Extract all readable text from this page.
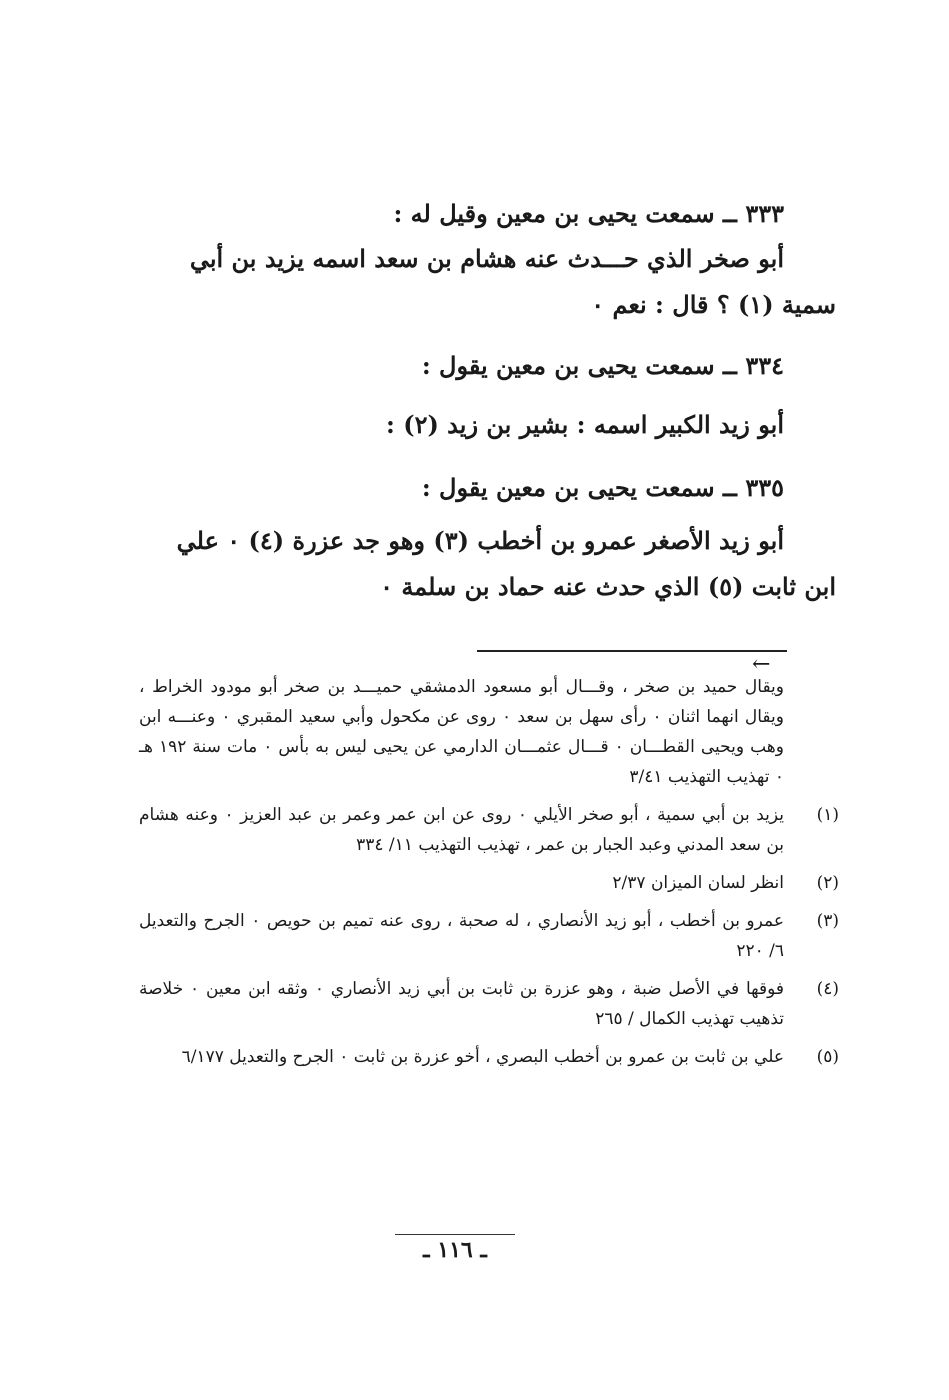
٣٣٣ ــ سمعت يحيى بن معين وقيل له :

أبو صخر الذي حـــدث عنه هشام بن سعد اسمه يزيد بن أبي
سمية (١) ؟ قال : نعم ٠

٣٣٤ ــ سمعت يحيى بن معين يقول :

أبو زيد الكبير اسمه : بشير بن زيد (٢) :

٣٣٥ ــ سمعت يحيى بن معين يقول :

أبو زيد الأصغر عمرو بن أخطب (٣) وهو جد عزرة (٤) ٠ علي
ابن ثابت (٥) الذي حدث عنه حماد بن سلمة ٠

←

ويقال حميد بن صخر ، وقـــال أبو مسعود الدمشقي حميـــد بن صخر أبو مودود الخراط ، ويقال انهما اثنان ٠ رأى سهل بن سعد ٠ روى عن مكحول وأبي سعيد المقبري ٠ وعنـــه ابن وهب ويحيى القطـــان ٠ قـــال عثمـــان الدارمي عن يحيى ليس به بأس ٠ مات سنة ١٩٢ هـ ٠ تهذيب التهذيب ٣/٤١

(١)
يزيد بن أبي سمية ، أبو صخر الأيلي ٠ روى عن ابن عمر وعمر بن عبد العزيز ٠ وعنه هشام بن سعد المدني وعبد الجبار بن عمر ، تهذيب التهذيب ١١/ ٣٣٤
(٢)
انظر لسان الميزان ٢/٣٧
(٣)
عمرو بن أخطب ، أبو زيد الأنصاري ، له صحبة ، روى عنه تميم بن حويص ٠ الجرح والتعديل ٦/ ٢٢٠
(٤)
فوقها في الأصل ضبة ، وهو عزرة بن ثابت بن أبي زيد الأنصاري ٠ وثقه ابن معين ٠ خلاصة تذهيب تهذيب الكمال / ٢٦٥
(٥)
علي بن ثابت بن عمرو بن أخطب البصري ، أخو عزرة بن ثابت ٠ الجرح والتعديل ٦/١٧٧
ـ ١١٦ ـ
